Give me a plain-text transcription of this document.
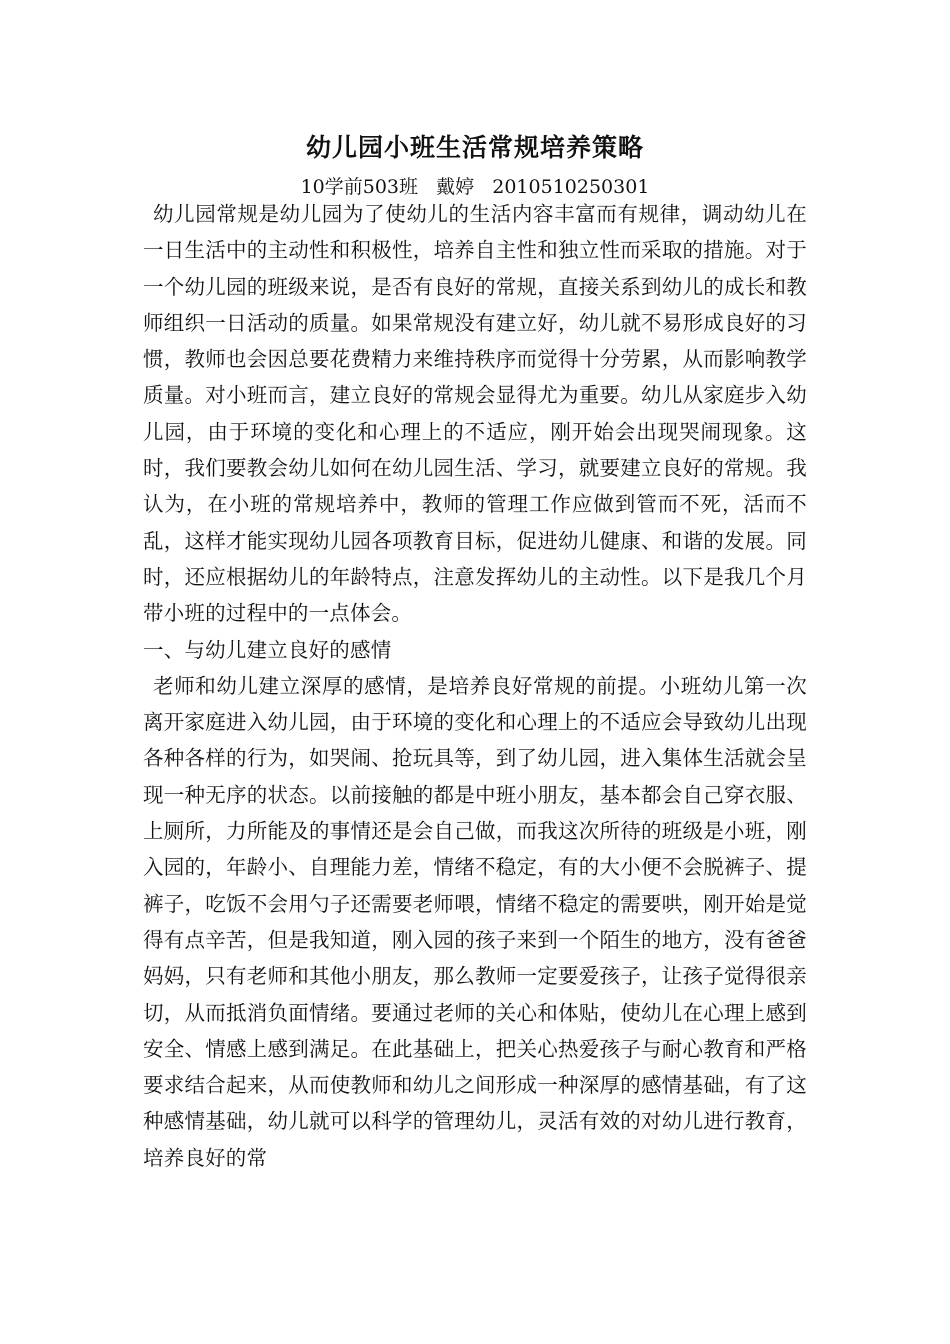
幼儿园小班生活常规培养策略
10学前503班   戴婷   2010510250301

幼儿园常规是幼儿园为了使幼儿的生活内容丰富而有规律，调动幼儿在一日生活中的主动性和积极性，培养自主性和独立性而采取的措施。对于一个幼儿园的班级来说，是否有良好的常规，直接关系到幼儿的成长和教师组织一日活动的质量。如果常规没有建立好，幼儿就不易形成良好的习惯，教师也会因总要花费精力来维持秩序而觉得十分劳累，从而影响教学质量。对小班而言，建立良好的常规会显得尤为重要。幼儿从家庭步入幼儿园，由于环境的变化和心理上的不适应，刚开始会出现哭闹现象。这时，我们要教会幼儿如何在幼儿园生活、学习，就要建立良好的常规。我认为，在小班的常规培养中，教师的管理工作应做到管而不死，活而不乱，这样才能实现幼儿园各项教育目标，促进幼儿健康、和谐的发展。同时，还应根据幼儿的年龄特点，注意发挥幼儿的主动性。以下是我几个月带小班的过程中的一点体会。

一、与幼儿建立良好的感情

老师和幼儿建立深厚的感情，是培养良好常规的前提。小班幼儿第一次离开家庭进入幼儿园，由于环境的变化和心理上的不适应会导致幼儿出现各种各样的行为，如哭闹、抢玩具等，到了幼儿园，进入集体生活就会呈现一种无序的状态。以前接触的都是中班小朋友，基本都会自己穿衣服、上厕所，力所能及的事情还是会自己做，而我这次所待的班级是小班，刚入园的，年龄小、自理能力差，情绪不稳定，有的大小便不会脱裤子、提裤子，吃饭不会用勺子还需要老师喂，情绪不稳定的需要哄，刚开始是觉得有点辛苦，但是我知道，刚入园的孩子来到一个陌生的地方，没有爸爸妈妈，只有老师和其他小朋友，那么教师一定要爱孩子，让孩子觉得很亲切，从而抵消负面情绪。要通过老师的关心和体贴，使幼儿在心理上感到安全、情感上感到满足。在此基础上，把关心热爱孩子与耐心教育和严格要求结合起来，从而使教师和幼儿之间形成一种深厚的感情基础，有了这种感情基础，幼儿就可以科学的管理幼儿，灵活有效的对幼儿进行教育，培养良好的常
